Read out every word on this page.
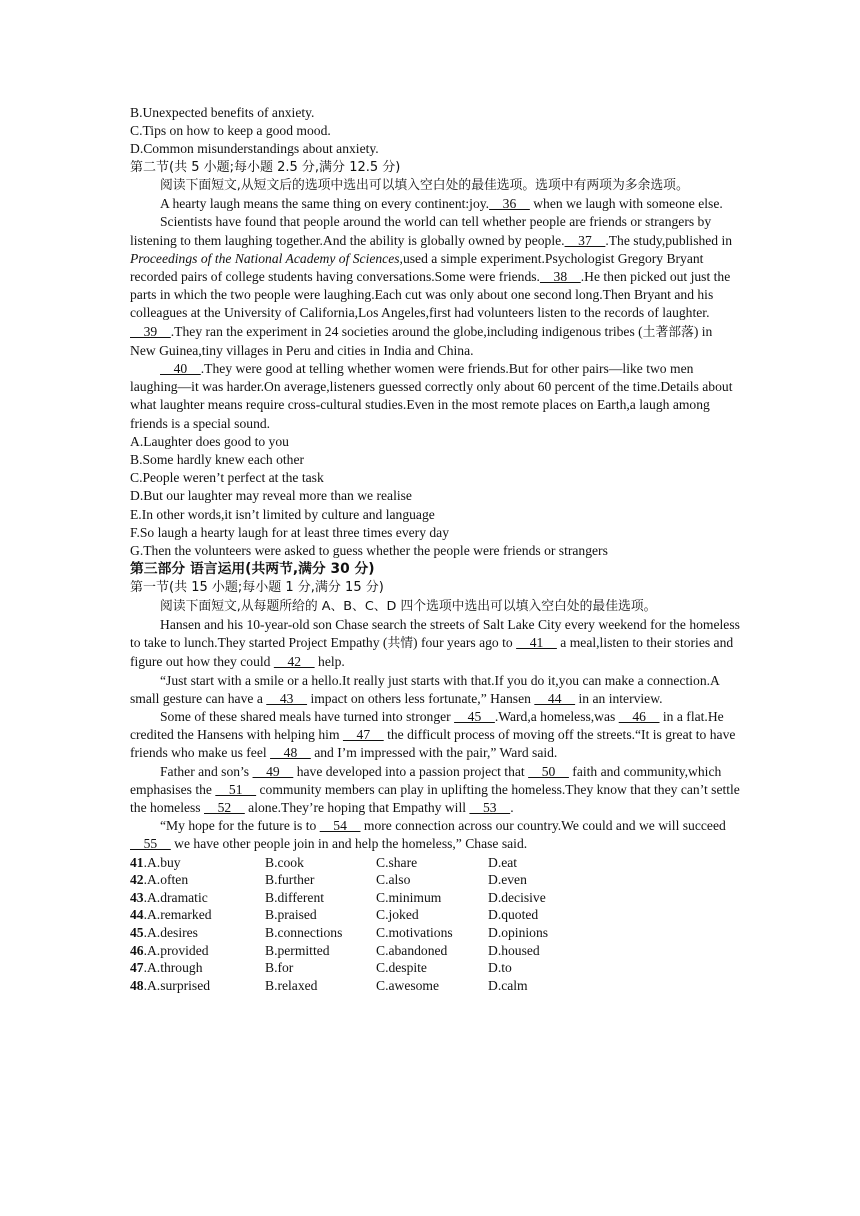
B.Unexpected benefits of anxiety.
C.Tips on how to keep a good mood.
D.Common misunderstandings about anxiety.
第二节(共 5 小题;每小题 2.5 分,满分 12.5 分)
阅读下面短文,从短文后的选项中选出可以填入空白处的最佳选项。选项中有两项为多余选项。
A hearty laugh means the same thing on every continent:joy.    36     when we laugh with someone else.
Scientists have found that people around the world can tell whether people are friends or strangers by listening to them laughing together.And the ability is globally owned by people.    37    .The study,published in Proceedings of the National Academy of Sciences,used a simple experiment.Psychologist Gregory Bryant recorded pairs of college students having conversations.Some were friends.    38    .He then picked out just the parts in which the two people were laughing.Each cut was only about one second long.Then Bryant and his colleagues at the University of California,Los Angeles,first had volunteers listen to the records of laughter.    39    .They ran the experiment in 24 societies around the globe,including indigenous tribes (土著部落) in New Guinea,tiny villages in Peru and cities in India and China.
40    .They were good at telling whether women were friends.But for other pairs—like two men laughing—it was harder.On average,listeners guessed correctly only about 60 percent of the time.Details about what laughter means require cross-cultural studies.Even in the most remote places on Earth,a laugh among friends is a special sound.
A.Laughter does good to you
B.Some hardly knew each other
C.People weren’t perfect at the task
D.But our laughter may reveal more than we realise
E.In other words,it isn’t limited by culture and language
F.So laugh a hearty laugh for at least three times every day
G.Then the volunteers were asked to guess whether the people were friends or strangers
第三部分 语言运用(共两节,满分 30 分)
第一节(共 15 小题;每小题 1 分,满分 15 分)
阅读下面短文,从每题所给的 A、B、C、D 四个选项中选出可以填入空白处的最佳选项。
Hansen and his 10-year-old son Chase search the streets of Salt Lake City every weekend for the homeless to take to lunch.They started Project Empathy (共情) four years ago to     41     a meal,listen to their stories and figure out how they could     42     help.
“Just start with a smile or a hello.It really just starts with that.If you do it,you can make a connection.A small gesture can have a     43     impact on others less fortunate,” Hansen     44     in an interview.
Some of these shared meals have turned into stronger     45    .Ward,a homeless,was     46     in a flat.He credited the Hansens with helping him     47     the difficult process of moving off the streets.“It is great to have friends who make us feel     48     and I’m impressed with the pair,” Ward said.
Father and son’s     49     have developed into a passion project that     50     faith and community,which emphasises the     51     community members can play in uplifting the homeless.They know that they can’t settle the homeless     52     alone.They’re hoping that Empathy will     53    .
“My hope for the future is to     54     more connection across our country.We could and we will succeed     55     we have other people join in and help the homeless,” Chase said.
41.A.buy	B.cook	C.share	D.eat
42.A.often	B.further	C.also	D.even
43.A.dramatic	B.different	C.minimum	D.decisive
44.A.remarked	B.praised	C.joked	D.quoted
45.A.desires	B.connections	C.motivations	D.opinions
46.A.provided	B.permitted	C.abandoned	D.housed
47.A.through	B.for	C.despite	D.to
48.A.surprised	B.relaxed	C.awesome	D.calm
